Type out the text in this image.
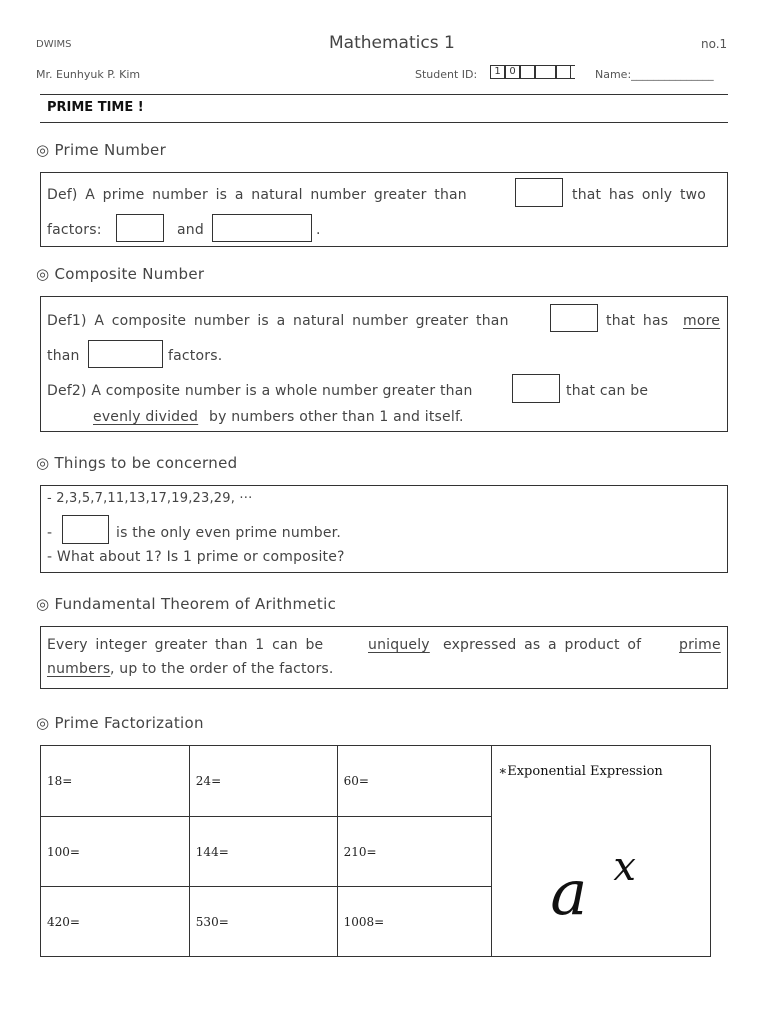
DWIMS	Mathematics 1	no.1
Mr. Eunhyuk P. Kim	Student ID:	1 0	Name:_______________
PRIME TIME !
◎ Prime Number
Def) A prime number is a natural number greater than	that has only two
factors:	and	.
◎ Composite Number
Def1) A composite number is a natural number greater than	that has more
than	factors.
Def2) A composite number is a whole number greater than	that can be
evenly divided by numbers other than 1 and itself.
◎ Things to be concerned
- 2,3,5,7,11,13,17,19,23,29, ···
-	is the only even prime number.
- What about 1? Is 1 prime or composite?
◎ Fundamental Theorem of Arithmetic
Every integer greater than 1 can be	uniquely expressed as a product of	prime
numbers , up to the order of the factors.
◎ Prime Factorization
18=	24=	60=	∗Exponential Expression
a x

100=	144=	210=	
420=	530=	1008=	
